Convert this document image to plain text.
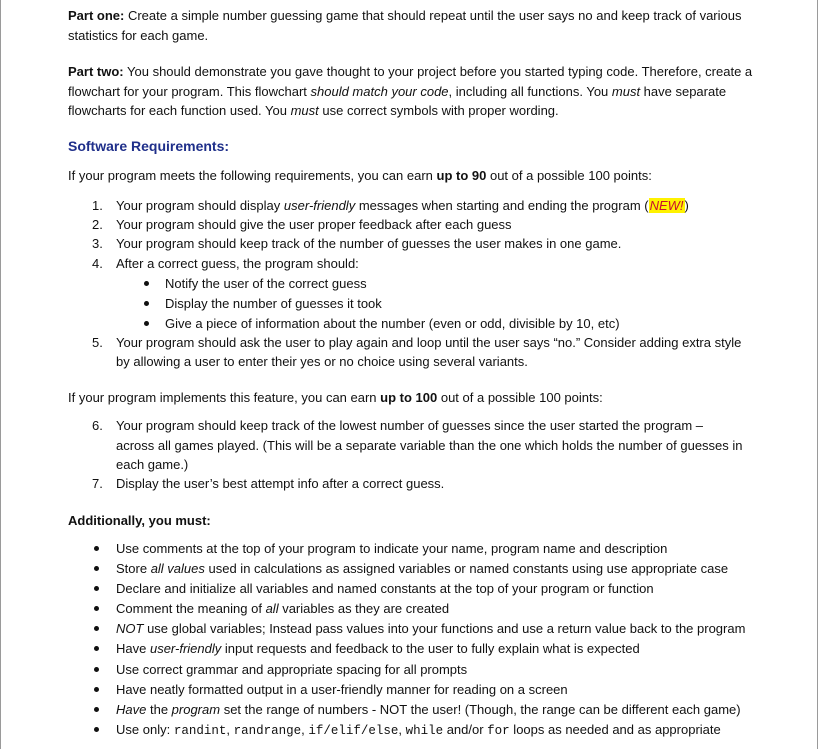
Part one: Create a simple number guessing game that should repeat until the user says no and keep track of various statistics for each game.

Part two: You should demonstrate you gave thought to your project before you started typing code. Therefore, create a flowchart for your program. This flowchart should match your code, including all functions. You must have separate flowcharts for each function used. You must use correct symbols with proper wording.

Software Requirements:
If your program meets the following requirements, you can earn up to 90 out of a possible 100 points:
1.	Your program should display user-friendly messages when starting and ending the program (NEW!)
2.	Your program should give the user proper feedback after each guess
3.	Your program should keep track of the number of guesses the user makes in one game.
4.	After a correct guess, the program should:
Notify the user of the correct guess
Display the number of guesses it took
Give a piece of information about the number (even or odd, divisible by 10, etc)
5.	Your program should ask the user to play again and loop until the user says “no.” Consider adding extra style
by allowing a user to enter their yes or no choice using several variants.
If your program implements this feature, you can earn up to 100 out of a possible 100 points:
6.	Your program should keep track of the lowest number of guesses since the user started the program –
across all games played. (This will be a separate variable than the one which holds the number of guesses in
each game.)
7.	Display the user’s best attempt info after a correct guess.
Additionally, you must:
Use comments at the top of your program to indicate your name, program name and description
Store all values used in calculations as assigned variables or named constants using use appropriate case
Declare and initialize all variables and named constants at the top of your program or function
Comment the meaning of all variables as they are created
NOT use global variables; Instead pass values into your functions and use a return value back to the program
Have user-friendly input requests and feedback to the user to fully explain what is expected
Use correct grammar and appropriate spacing for all prompts
Have neatly formatted output in a user-friendly manner for reading on a screen
Have the program set the range of numbers - NOT the user! (Though, the range can be different each game)
Use only: randint, randrange, if/elif/else, while and/or for loops as needed and as appropriate
